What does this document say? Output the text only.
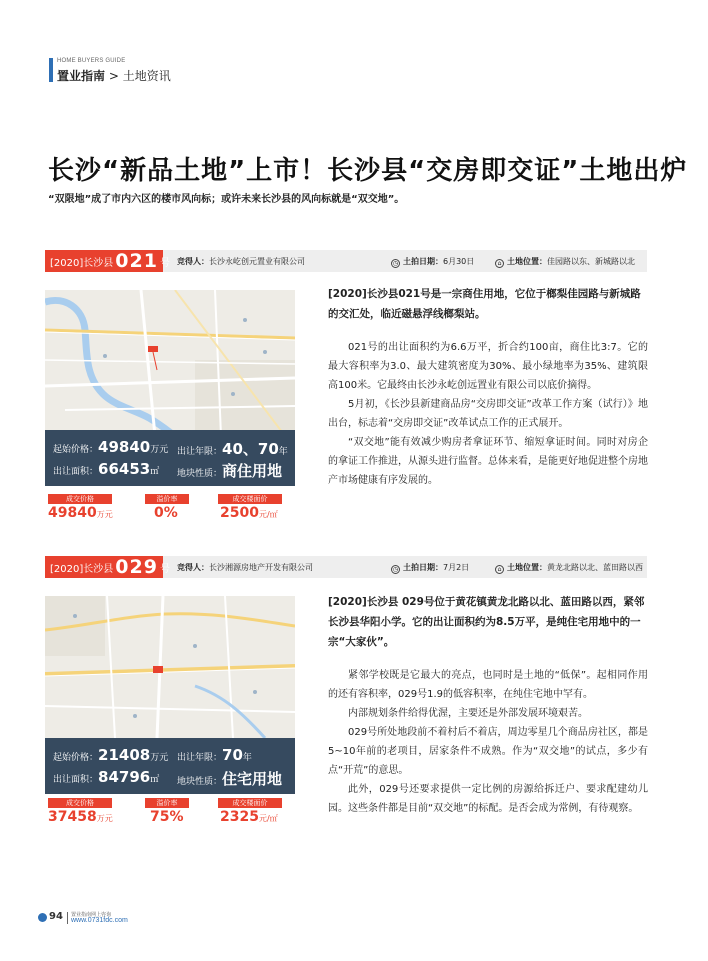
HOME BUYERS GUIDE
置业指南 > 土地资讯
长沙“新品土地”上市！长沙县“交房即交证”土地出炉
“双限地”成了市内六区的楼市风向标；或许未来长沙县的风向标就是“双交地”。
[2020]长沙县 021 号 竞得人：长沙永屹创元置业有限公司	◷ 土拍日期：6月30日	⌂ 土地位置：佳园路以东、新城路以北
起始价格：49840万元 出让年限：40、70年
出让面积：66453㎡ 地块性质：商住用地
成交价格	溢价率	成交楼面价
49840万元	0%	2500元/㎡
[2020]长沙县021号是一宗商住用地，它位于榔梨佳园路与新城路的交汇处，临近磁悬浮线榔梨站。

021号的出让面积约为6.6万平，折合约100亩，商住比3:7。它的最大容积率为3.0、最大建筑密度为30%、最小绿地率为35%、建筑限高100米。它最终由长沙永屹创远置业有限公司以底价摘得。

5月初，《长沙县新建商品房“交房即交证”改革工作方案（试行）》地出台，标志着“交房即交证”改革试点工作的正式展开。

“双交地”能有效减少购房者拿证环节、缩短拿证时间。同时对房企的拿证工作推进，从源头进行监督。总体来看，是能更好地促进整个房地产市场健康有序发展的。

[2020]长沙县 029 号 竞得人：长沙湘源房地产开发有限公司	◷ 土拍日期：7月2日	⌂ 土地位置：黄龙北路以北、蓝田路以西
起始价格：21408万元 出让年限：70年
出让面积：84796㎡ 地块性质：住宅用地
成交价格	溢价率	成交楼面价
37458万元	75%	2325元/㎡
[2020]长沙县 029号位于黄花镇黄龙北路以北、蓝田路以西，紧邻长沙县华阳小学。它的出让面积约为8.5万平，是纯住宅用地中的一宗“大家伙”。

紧邻学校既是它最大的亮点，也同时是土地的“低保”。起相同作用的还有容积率，029号1.9的低容积率，在纯住宅地中罕有。

内部规划条件给得优渥，主要还是外部发展环境艰苦。

029号所处地段前不着村后不着店，周边零星几个商品房社区，都是5~10年前的老项目，居家条件不成熟。作为“双交地”的试点，多少有点“开荒”的意思。

此外，029号还要求提供一定比例的房源给拆迁户、要求配建幼儿园。这些条件都是目前“双交地”的标配。是否会成为常例，有待观察。

94 置业指南网上咨询
www.0731fdc.com
